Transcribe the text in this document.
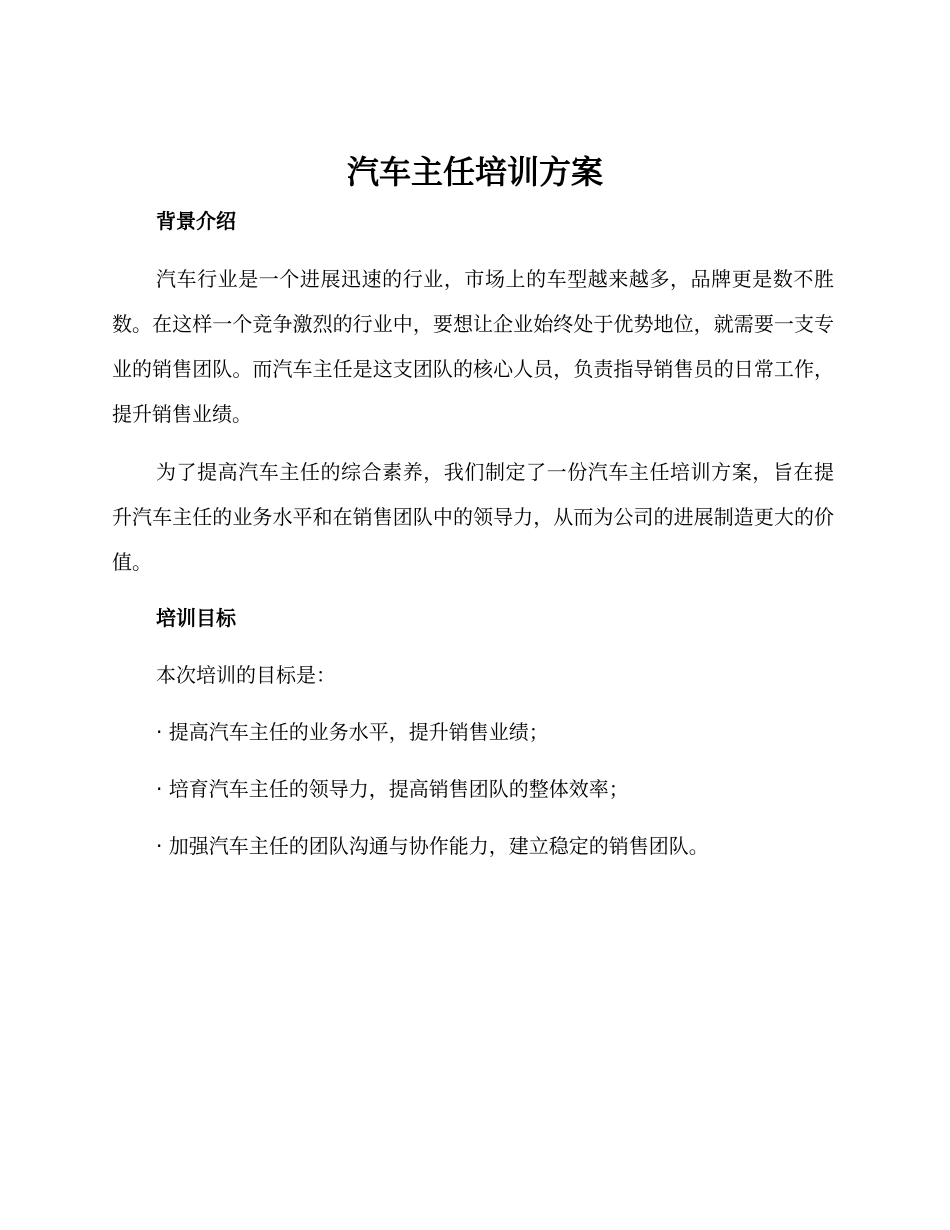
汽车主任培训方案
背景介绍

汽车行业是一个进展迅速的行业，市场上的车型越来越多，品牌更是数不胜数。在这样一个竞争激烈的行业中，要想让企业始终处于优势地位，就需要一支专业的销售团队。而汽车主任是这支团队的核心人员，负责指导销售员的日常工作，提升销售业绩。

为了提高汽车主任的综合素养，我们制定了一份汽车主任培训方案，旨在提升汽车主任的业务水平和在销售团队中的领导力，从而为公司的进展制造更大的价值。

培训目标
本次培训的目标是：
· 提高汽车主任的业务水平，提升销售业绩；
· 培育汽车主任的领导力，提高销售团队的整体效率；
· 加强汽车主任的团队沟通与协作能力，建立稳定的销售团队。
